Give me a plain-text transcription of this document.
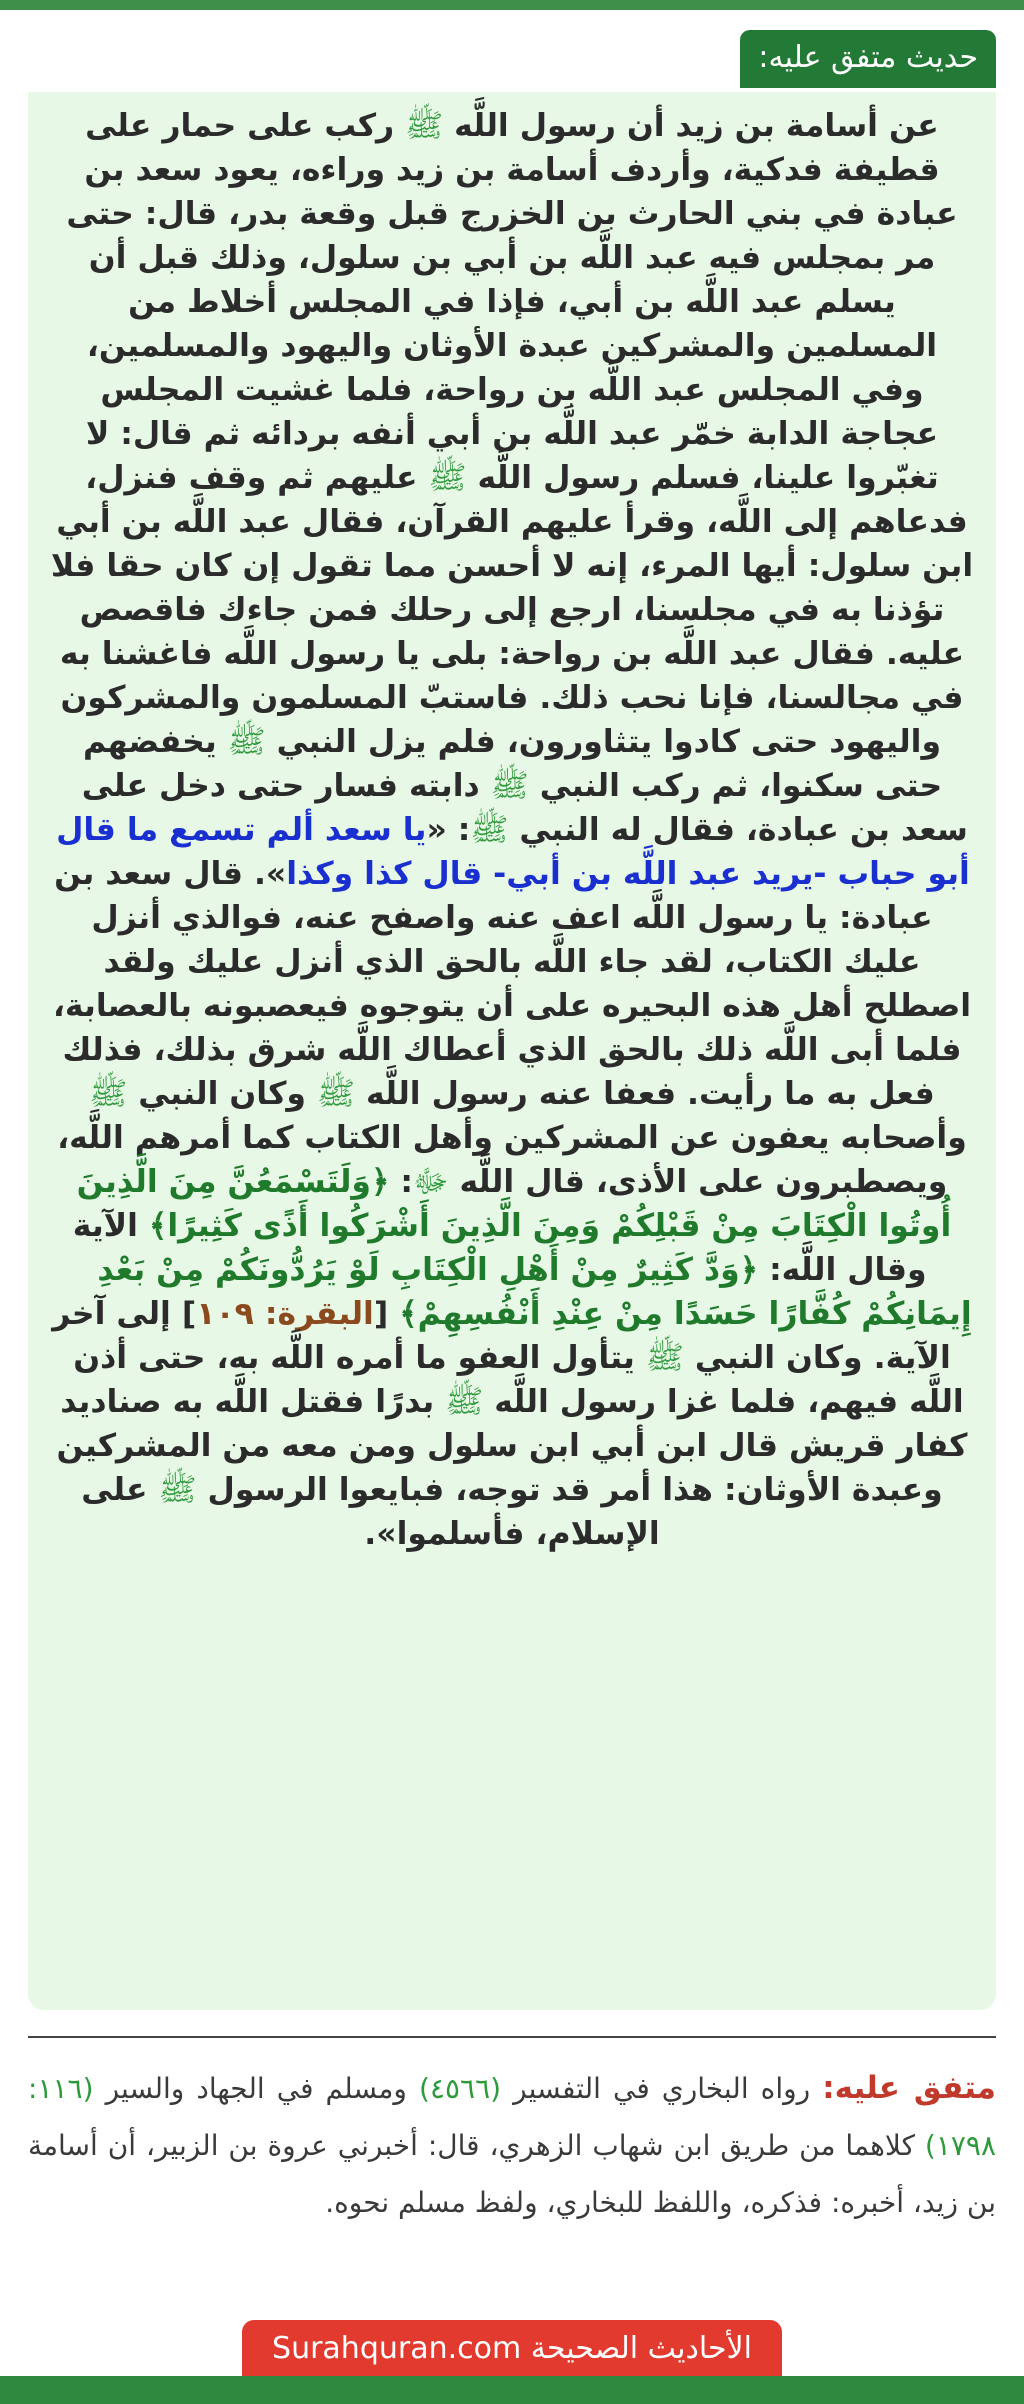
حديث متفق عليه:

عن أسامة بن زيد أن رسول اللَّه ﷺ ركب على حمار على قطيفة فدكية، وأردف أسامة بن زيد وراءه، يعود سعد بن عبادة في بني الحارث بن الخزرج قبل وقعة بدر، قال: حتى مر بمجلس فيه عبد اللَّه بن أبي بن سلول، وذلك قبل أن يسلم عبد اللَّه بن أبي، فإذا في المجلس أخلاط من المسلمين والمشركين عبدة الأوثان واليهود والمسلمين، وفي المجلس عبد اللَّه بن رواحة، فلما غشيت المجلس عجاجة الدابة خمّر عبد اللَّه بن أبي أنفه بردائه ثم قال: لا تغبّروا علينا، فسلم رسول اللَّه ﷺ عليهم ثم وقف فنزل، فدعاهم إلى اللَّه، وقرأ عليهم القرآن، فقال عبد اللَّه بن أبي ابن سلول: أيها المرء، إنه لا أحسن مما تقول إن كان حقا فلا تؤذنا به في مجلسنا، ارجع إلى رحلك فمن جاءك فاقصص عليه. فقال عبد اللَّه بن رواحة: بلى يا رسول اللَّه فاغشنا به في مجالسنا، فإنا نحب ذلك. فاستبّ المسلمون والمشركون واليهود حتى كادوا يتثاورون، فلم يزل النبي ﷺ يخفضهم حتى سكنوا، ثم ركب النبي ﷺ دابته فسار حتى دخل على سعد بن عبادة، فقال له النبي ﷺ: «يا سعد ألم تسمع ما قال أبو حباب -يريد عبد اللَّه بن أبي- قال كذا وكذا». قال سعد بن عبادة: يا رسول اللَّه اعف عنه واصفح عنه، فوالذي أنزل عليك الكتاب، لقد جاء اللَّه بالحق الذي أنزل عليك ولقد اصطلح أهل هذه البحيره على أن يتوجوه فيعصبونه بالعصابة، فلما أبى اللَّه ذلك بالحق الذي أعطاك اللَّه شرق بذلك، فذلك فعل به ما رأيت. فعفا عنه رسول اللَّه ﷺ وكان النبي ﷺ وأصحابه يعفون عن المشركين وأهل الكتاب كما أمرهم اللَّه، ويصطبرون على الأذى، قال اللَّه ﷻ: ﴿وَلَتَسْمَعُنَّ مِنَ الَّذِينَ أُوتُوا الْكِتَابَ مِنْ قَبْلِكُمْ وَمِنَ الَّذِينَ أَشْرَكُوا أَذًى كَثِيرًا﴾ الآية وقال اللَّه: ﴿وَدَّ كَثِيرٌ مِنْ أَهْلِ الْكِتَابِ لَوْ يَرُدُّونَكُمْ مِنْ بَعْدِ إِيمَانِكُمْ كُفَّارًا حَسَدًا مِنْ عِنْدِ أَنْفُسِهِمْ﴾ [البقرة: ١٠٩] إلى آخر الآية. وكان النبي ﷺ يتأول العفو ما أمره اللَّه به، حتى أذن اللَّه فيهم، فلما غزا رسول اللَّه ﷺ بدرًا فقتل اللَّه به صناديد كفار قريش قال ابن أبي ابن سلول ومن معه من المشركين وعبدة الأوثان: هذا أمر قد توجه، فبايعوا الرسول ﷺ على الإسلام، فأسلموا».

متفق عليه: رواه البخاري في التفسير (٤٥٦٦) ومسلم في الجهاد والسير (١١٦: ١٧٩٨) كلاهما من طريق ابن شهاب الزهري، قال: أخبرني عروة بن الزبير، أن أسامة بن زيد، أخبره: فذكره، واللفظ للبخاري، ولفظ مسلم نحوه.

الأحاديث الصحيحة Surahquran.com
